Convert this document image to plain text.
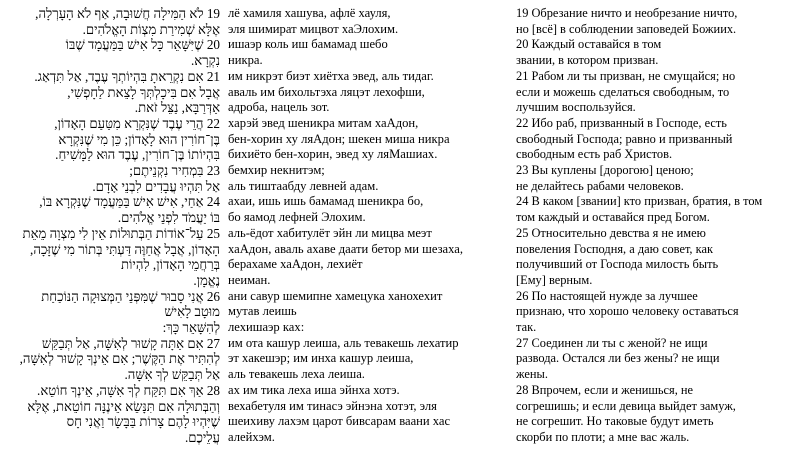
19 לֹא הַמִּילָה חֲשׁוּבָה, אַף לֹא הָעָרְלָה,
אֶלָּא שְׁמִירַת מִצְוֹת הָאֱלֹהִים.
20 שֶׁיִּשָּׁאֵר כָּל אִישׁ בַּמַּעֲמָד שֶׁבּוֹ
נִקְרָא.
21 אִם נִקְרֵאתָ בִּהְיוֹתְךָ עֶבֶד, אַל תִּדְאַג.
אֲבָל אִם בִּיכָלְתְּךָ לָצֵאת לַחָפְשִׁי,
אַדְּרַבָּא, נַצֵּל זֹאת.
22 הֲרֵי עֶבֶד שֶׁנִּקְרָא מִטַּעַם הָאָדוֹן,
בֶּן־חוֹרִין הוּא לָאָדוֹן; כֵּן מִי שֶׁנִּקְרָא
בִּהְיוֹתוֹ בֶּן־חוֹרִין, עֶבֶד הוּא לַמָּשִׁיחַ.
23 בִּמְחִיר נִקְנֵיתֶם;
אַל תִּהְיוּ עֲבָדִים לִבְנֵי אָדָם.
24 אַחַי, אִישׁ אִישׁ בַּמַּעֲמָד שֶׁנִּקְרָא בּוֹ,
בּוֹ יַעֲמֹד לִפְנֵי אֱלֹהִים.
25 עַל־אוֹדוֹת הַבְּתוּלוֹת אֵין לִי מִצְוָה מֵאֵת
הָאָדוֹן, אֲבָל אֲחַוֶּה דַּעְתִּי בְּתוֹר מִי שֶׁזָּכָה,
בְּרַחֲמֵי הָאָדוֹן, לִהְיוֹת
נֶאֱמָן.
26 אֲנִי סָבוּר שֶׁמִּפְּנֵי הַמְּצוּקָה הַנּוֹכַחַת
מוּטָב לָאִישׁ
לְהִשָּׁאֵר כָּךְ:
27 אִם אַתָּה קָשׁוּר לְאִשָּׁה, אַל תְּבַקֵּשׁ
לְהִתִּיר אֶת הַקֶּשֶׁר; אִם אֵינְךָ קָשׁוּר לְאִשָּׁה,
אַל תְּבַקֵּשׁ לְךָ אִשָּׁה.
28 אַךְ אִם תִּקַּח לְךָ אִשָּׁה, אֵינְךָ חוֹטֵא.
וְהַבְּתוּלָה אִם תִּנָּשֵׂא אֵינֶנָּה חוֹטֵאת, אֶלָּא
שֶׁיִּהְיוּ לָהֶם צָרוֹת בַּבָּשָׂר וַאֲנִי חָס
עֲלֵיכֶם.
лё хамиля хашува, афлё хауля,
эля шимират мицвот хаЭлохим.
ишаэр коль иш бамамад шебо
никра.
им никрэт биэт хиётха эвед, аль тидаг.
аваль им бихольтэха ляцэт лехофши,
адроба, нацель зот.
харэй эвед шеникра митам хаАдон,
бен-хорин ху ляАдон; шекен миша никра
бихиёто бен-хорин, эвед ху ляМашиах.
бемхир некнитэм;
аль тиштаабду левней адам.
ахаи, ишь ишь бамамад шеникра бо,
бо яамод лефней Элохим.
аль-ёдот хабитулёт эйн ли мицва меэт
хаАдон, аваль ахаве даати бетор ми шезаха,
берахаме хаАдон, лехиёт
неиман.
ани савур шемипне хамецука ханохехит
мутав леишь
лехишаэр ках:
им ота кашур леиша, аль тевакешь лехатир
эт хакешэр; им инха кашур леиша,
аль тевакешь леха леиша.
ах им тика леха иша эйнха хотэ.
вехабетуля им тинасэ эйнэна хотэт, эля
шеихиву лахэм царот бивсарам ваани хас
алейхэм.
19 Обрезание ничто и необрезание ничто,
но [всё] в соблюдении заповедей Божиих.
20 Каждый оставайся в том
звании, в котором призван.
21 Рабом ли ты призван, не смущайся; но
если и можешь сделаться свободным, то
лучшим воспользуйся.
22 Ибо раб, призванный в Господе, есть
свободный Господа; равно и призванный
свободным есть раб Христов.
23 Вы куплены [дорогою] ценою;
не делайтесь рабами человеков.
24 В каком [звании] кто призван, братия, в том
том каждый и оставайся пред Богом.
25 Относительно девства я не имею
повеления Господня, а даю совет, как
получивший от Господа милость быть
[Ему] верным.
26 По настоящей нужде за лучшее
признаю, что хорошо человеку оставаться
так.
27 Соединен ли ты с женой? не ищи
развода. Остался ли без жены? не ищи
жены.
28 Впрочем, если и женишься, не
согрешишь; и если девица выйдет замуж,
не согрешит. Но таковые будут иметь
скорби по плоти; а мне вас жаль.
